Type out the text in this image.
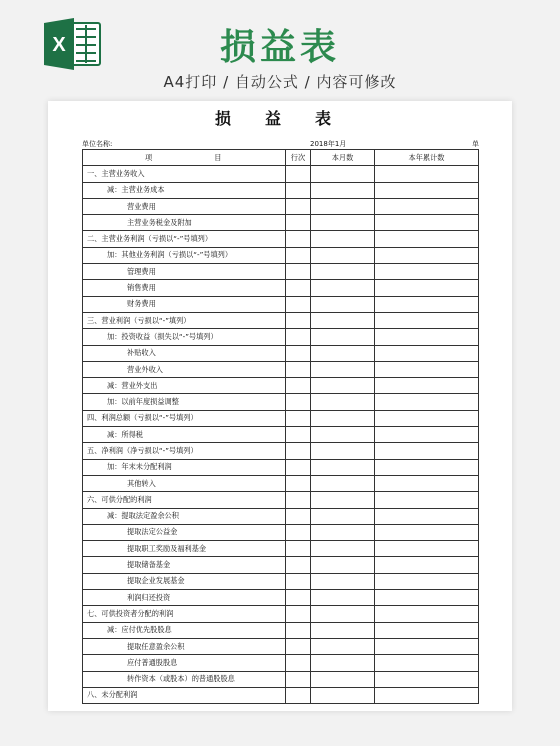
X	损益表
A4打印 / 自动公式 / 内容可修改
损益表
单位名称:	2018年1月	单
项 目	行次	本月数	本年累计数
一、主营业务收入			
减：主营业务成本			
营业费用			
主营业务税金及附加			
二、主营业务利润（亏损以“-”号填列）			
加：其他业务利润（亏损以“-”号填列）			
管理费用			
销售费用			
财务费用			
三、营业利润（亏损以“-”填列）			
加：投资收益（损失以“-”号填列）			
补贴收入			
营业外收入			
减：营业外支出			
加：以前年度损益调整			
四、利润总额（亏损以“-”号填列）			
减：所得税			
五、净利润（净亏损以“-”号填列）			
加：年末未分配利润			
其他转入			
六、可供分配的利润			
减：提取法定盈余公积			
提取法定公益金			
提取职工奖励及福利基金			
提取储备基金			
提取企业发展基金			
利润归还投资			
七、可供投资者分配的利润			
减：应付优先股股息			
提取任意盈余公积			
应付普通股股息			
转作资本（或股本）的普通股股息			
八、未分配利润			
